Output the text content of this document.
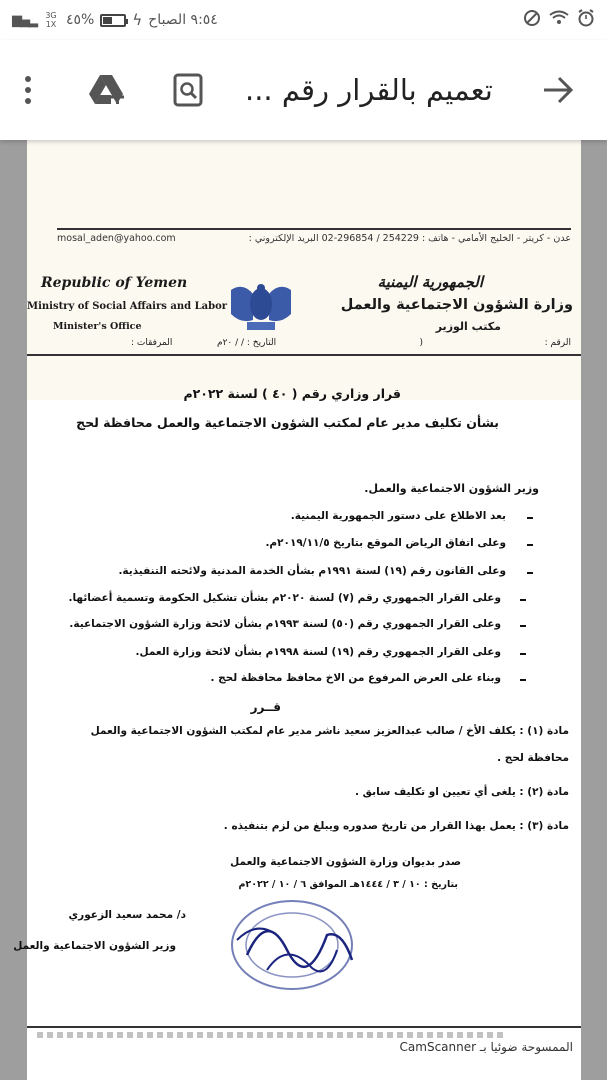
٩:٥٤ الصباح
ϟ
%٤٥
3G 1X
▂▄▆
تعميم بالقرار رقم ...
mosal_aden@yahoo.com	عدن - كريتر - الخليج الأمامي - هاتف : 254229 / 296854-02 البريد الإلكتروني :
Republic of Yemen
Ministry of Social Affairs and Labor
Minister's Office
المرفقات :
الجمهورية اليمنية
وزارة الشؤون الاجتماعية والعمل
مكتب الوزير
الرقم :
(
التاريخ : / / ٢٠م
قرار وزاري رقم ( ٤٠ ) لسنة ٢٠٢٢م
بشأن تكليف مدير عام لمكتب الشؤون الاجتماعية والعمل محافظة لحج
وزير الشؤون الاجتماعية والعمل.
بعد الاطلاع على دستور الجمهورية اليمنية.
وعلى اتفاق الرياض الموقع بتاريخ ٢٠١٩/١١/٥م.
وعلى القانون رقم (١٩) لسنة ١٩٩١م بشأن الخدمة المدنية ولائحته التنفيذية.
وعلى القرار الجمهوري رقم (٧) لسنة ٢٠٢٠م بشأن تشكيل الحكومة وتسمية أعضائها.
وعلى القرار الجمهوري رقم (٥٠) لسنة ١٩٩٣م بشأن لائحة وزارة الشؤون الاجتماعية.
وعلى القرار الجمهوري رقم (١٩) لسنة ١٩٩٨م بشأن لائحة وزارة العمل.
وبناء على العرض المرفوع من الاخ محافظ محافظة لحج .
قــرر
مادة (١) : يكلف الأخ / صالب عبدالعزيز سعيد ناشر مدير عام لمكتب الشؤون الاجتماعية والعمل
محافظة لحج .
مادة (٢) : يلغى أي تعيين او تكليف سابق .
مادة (٣) : يعمل بهذا القرار من تاريخ صدوره ويبلغ من لزم بتنفيذه .
صدر بديوان وزارة الشؤون الاجتماعية والعمل
بتاريخ : ١٠ / ٣ / ١٤٤٤هـ الموافق ٦ / ١٠ / ٢٠٢٢م
د/ محمد سعيد الزعوري
وزير الشؤون الاجتماعية والعمل
الممسوحة ضوئيا بـ CamScanner
